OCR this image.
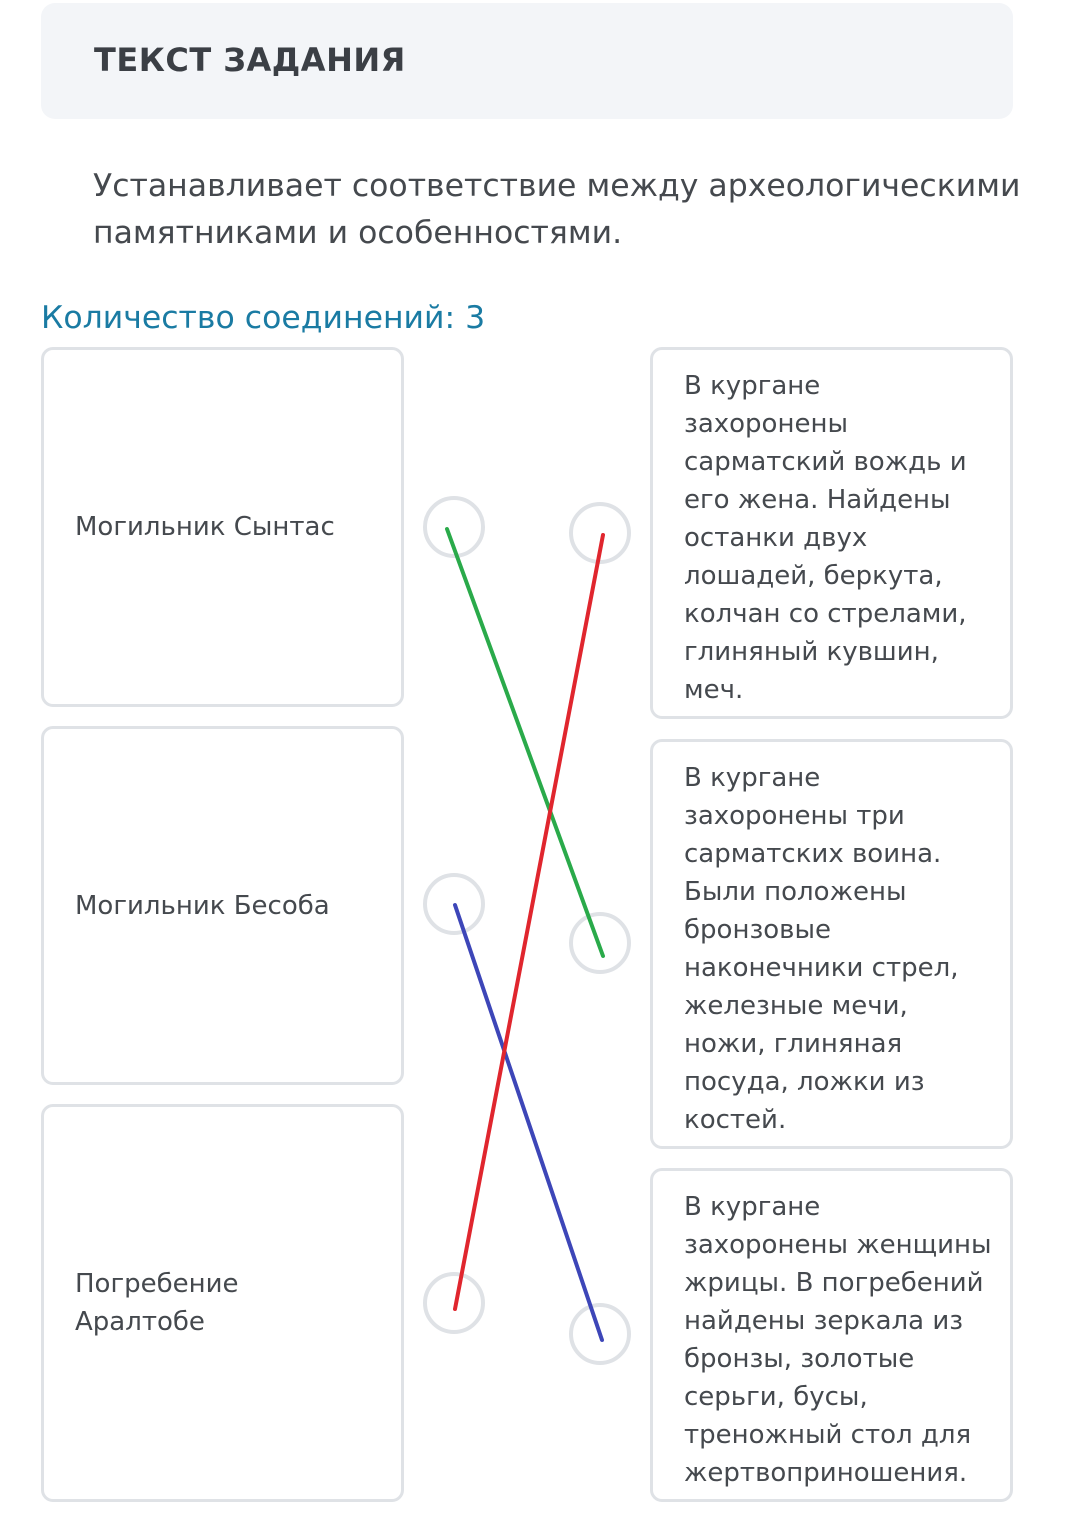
ТЕКСТ ЗАДАНИЯ
Устанавливает соответствие между археологическими памятниками и особенностями.
Количество соединений: 3
Могильник Сынтас
Могильник Бесоба
Погребение Аралтобе
В кургане захоронены сарматский вождь и его жена. Найдены останки двух лошадей, беркута, колчан со стрелами, глиняный кувшин, меч.
В кургане захоронены три сарматских воина. Были положены бронзовые наконечники стрел, железные мечи, ножи, глиняная посуда, ложки из костей.
В кургане захоронены женщины жрицы. В погребений найдены зеркала из бронзы, золотые серьги, бусы, треножный стол для жертвоприношения.
